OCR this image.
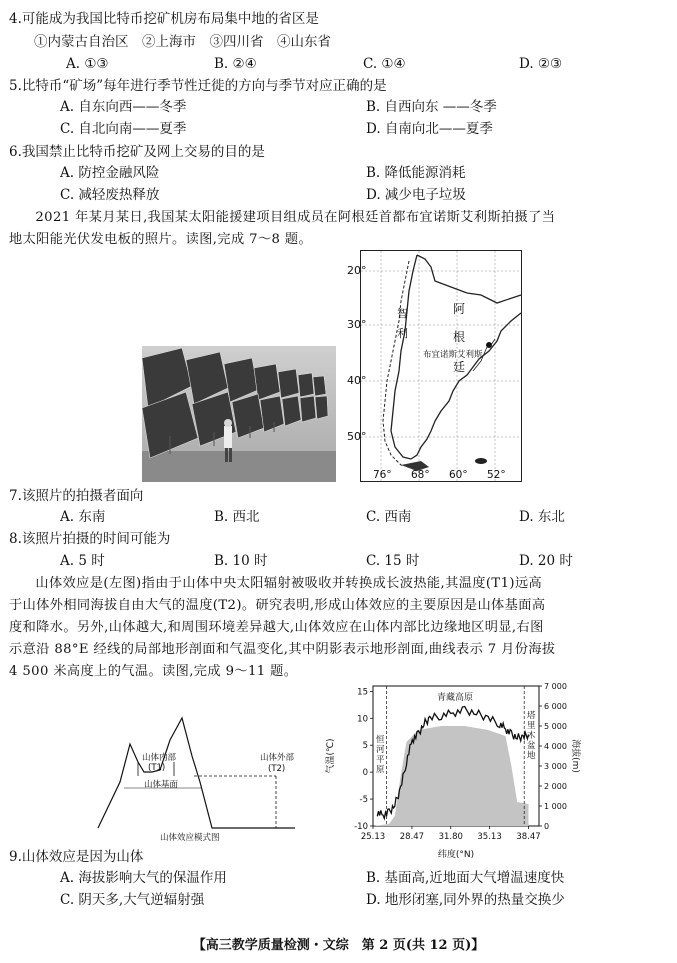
4.可能成为我国比特币挖矿机房布局集中地的省区是
①内蒙古自治区　②上海市　③四川省　④山东省
A. ①③	B. ②④	C. ①④	D. ②③
5.比特币“矿场”每年进行季节性迁徙的方向与季节对应正确的是
A. 自东向西——冬季	B. 自西向东 ——冬季
C. 自北向南——夏季	D. 自南向北——夏季
6.我国禁止比特币挖矿及网上交易的目的是
A. 防控金融风险	B. 降低能源消耗
C. 减轻废热释放	D. 减少电子垃圾
2021 年某月某日,我国某太阳能援建项目组成员在阿根廷首都布宜诺斯艾利斯拍摄了当
地太阳能光伏发电板的照片。读图,完成 7～8 题。
20°
30°
40°
50°
76° 68° 60° 52°
阿
根
廷
智
利
布宜诺斯艾利斯
7.该照片的拍摄者面向
A. 东南	B. 西北	C. 西南	D. 东北
8.该照片拍摄的时间可能为
A. 5 时	B. 10 时	C. 15 时	D. 20 时
山体效应是(左图)指由于山体中央太阳辐射被吸收并转换成长波热能,其温度(T1)远高
于山体外相同海拔自由大气的温度(T2)。研究表明,形成山体效应的主要原因是山体基面高
度和降水。另外,山体越大,和周围环境差异越大,山体效应在山体内部比边缘地区明显,右图
示意沿 88°E 经线的局部地形剖面和气温变化,其中阴影表示地形剖面,曲线表示 7 月份海拔
4 500 米高度上的气温。读图,完成 9～11 题。
山体内部
(T1)
山体外部
(T2)
山体基面
山体效应模式图
-10
-5
0
5
10
15
0
1 000
2 000
3 000
4 000
5 000
6 000
7 000
25.13 28.47 31.80 35.13 38.47
气温(℃)	海拔(m)
纬度(°N)
青藏高原
恒河平原
塔里木盆地
9.山体效应是因为山体
A. 海拔影响大气的保温作用	B. 基面高,近地面大气增温速度快
C. 阴天多,大气逆辐射强	D. 地形闭塞,同外界的热量交换少
【高三教学质量检测・文综　第 2 页(共 12 页)】
